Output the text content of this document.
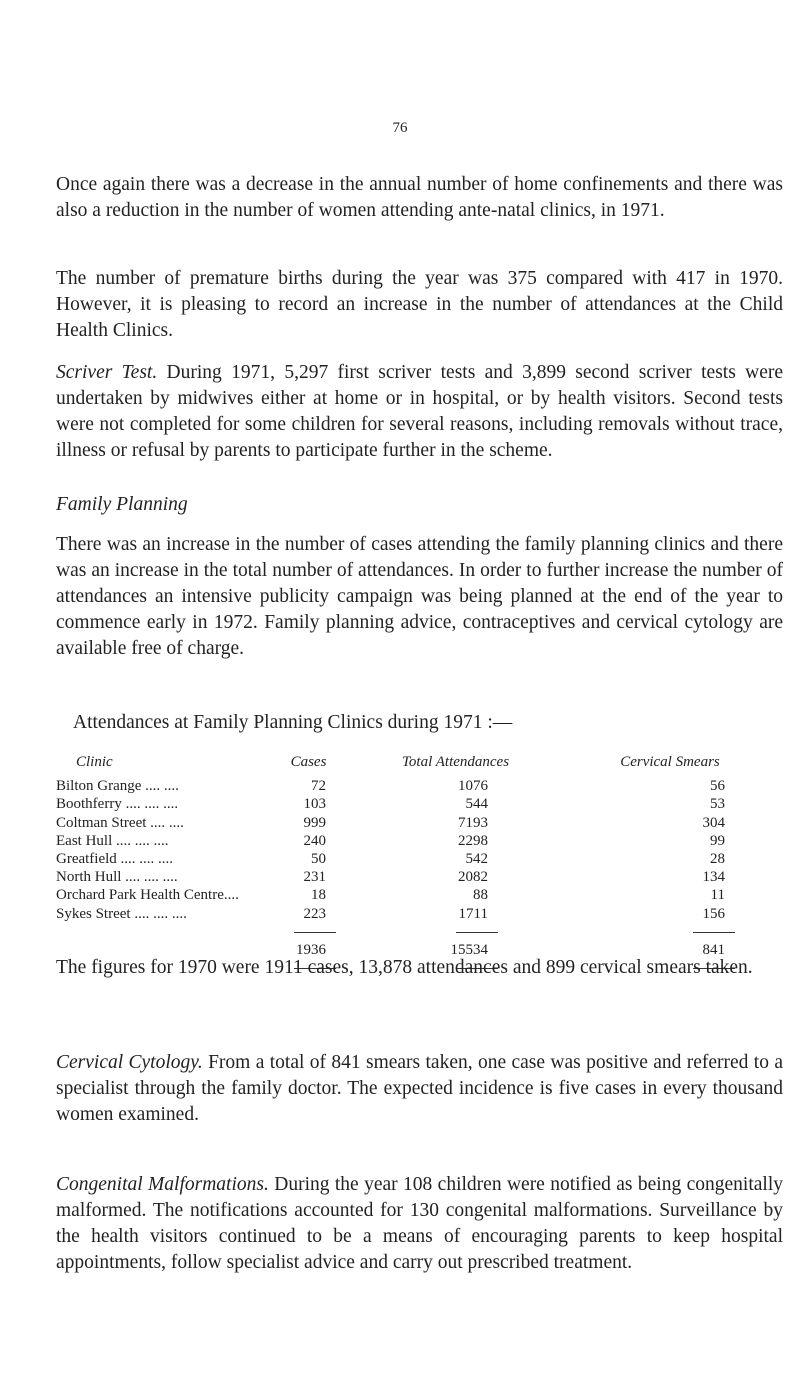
76

Once again there was a decrease in the annual number of home confinements and there was also a reduction in the number of women attending ante-natal clinics, in 1971.

The number of premature births during the year was 375 compared with 417 in 1970. However, it is pleasing to record an increase in the number of attendances at the Child Health Clinics.

Scriver Test. During 1971, 5,297 first scriver tests and 3,899 second scriver tests were undertaken by midwives either at home or in hospital, or by health visitors. Second tests were not completed for some children for several reasons, including removals without trace, illness or refusal by parents to participate further in the scheme.

Family Planning

There was an increase in the number of cases attending the family planning clinics and there was an increase in the total number of attendances. In order to further increase the number of attendances an intensive publicity campaign was being planned at the end of the year to commence early in 1972. Family planning advice, contraceptives and cervical cytology are available free of charge.

Attendances at Family Planning Clinics during 1971 :—

Clinic	Cases	Total Attendances	Cervical Smears
Bilton Grange .... ....	72	1076	56
Boothferry .... .... ....	103	544	53
Coltman Street .... ....	999	7193	304
East Hull .... .... ....	240	2298	99
Greatfield .... .... ....	50	542	28
North Hull .... .... ....	231	2082	134
Orchard Park Health Centre....	18	88	11
Sykes Street .... .... ....	223	1711	156

	1936	15534	841

The figures for 1970 were 1911 cases, 13,878 attendances and 899 cervical smears taken.

Cervical Cytology. From a total of 841 smears taken, one case was positive and referred to a specialist through the family doctor. The expected incidence is five cases in every thousand women examined.

Congenital Malformations. During the year 108 children were notified as being congenitally malformed. The notifications accounted for 130 congenital malformations. Surveillance by the health visitors continued to be a means of encouraging parents to keep hospital appointments, follow specialist advice and carry out prescribed treatment.
